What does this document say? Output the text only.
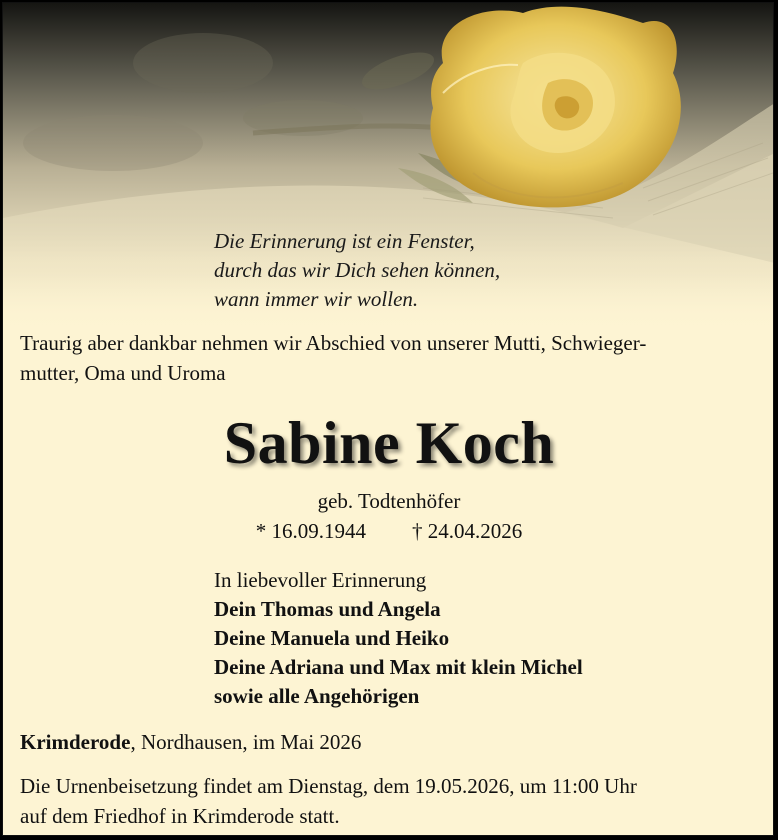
Die Erinnerung ist ein Fenster,
durch das wir Dich sehen können,
wann immer wir wollen.
Traurig aber dankbar nehmen wir Abschied von unserer Mutti, Schwieger-
mutter, Oma und Uroma
Sabine Koch
geb. Todtenhöfer
* 16.09.1944 † 24.04.2026
In liebevoller Erinnerung
Dein Thomas und Angela
Deine Manuela und Heiko
Deine Adriana und Max mit klein Michel
sowie alle Angehörigen
Krimderode, Nordhausen, im Mai 2026
Die Urnenbeisetzung findet am Dienstag, dem 19.05.2026, um 11:00 Uhr
auf dem Friedhof in Krimderode statt.
